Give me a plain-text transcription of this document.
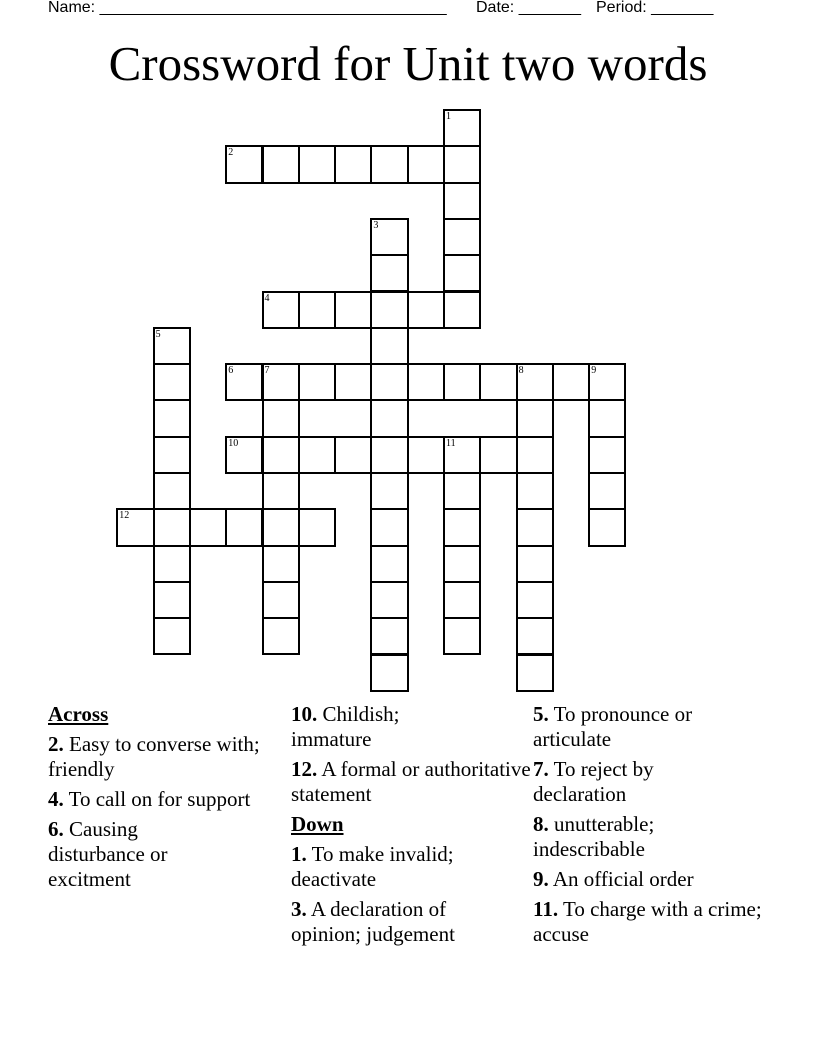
Name: _______________________________________

Date: _______

Period: _______

Crossword for Unit two words
1
2
3
4
5
6	7	8	9
10	11
12
Across
2. Easy to converse with; friendly
4. To call on for support
6. Causing disturbance or excitment
10. Childish; immature
12. A formal or authoritative statement
Down
1. To make invalid; deactivate
3. A declaration of opinion; judgement
5. To pronounce or articulate
7. To reject by declaration
8. unutterable; indescribable
9. An official order
11. To charge with a crime; accuse
